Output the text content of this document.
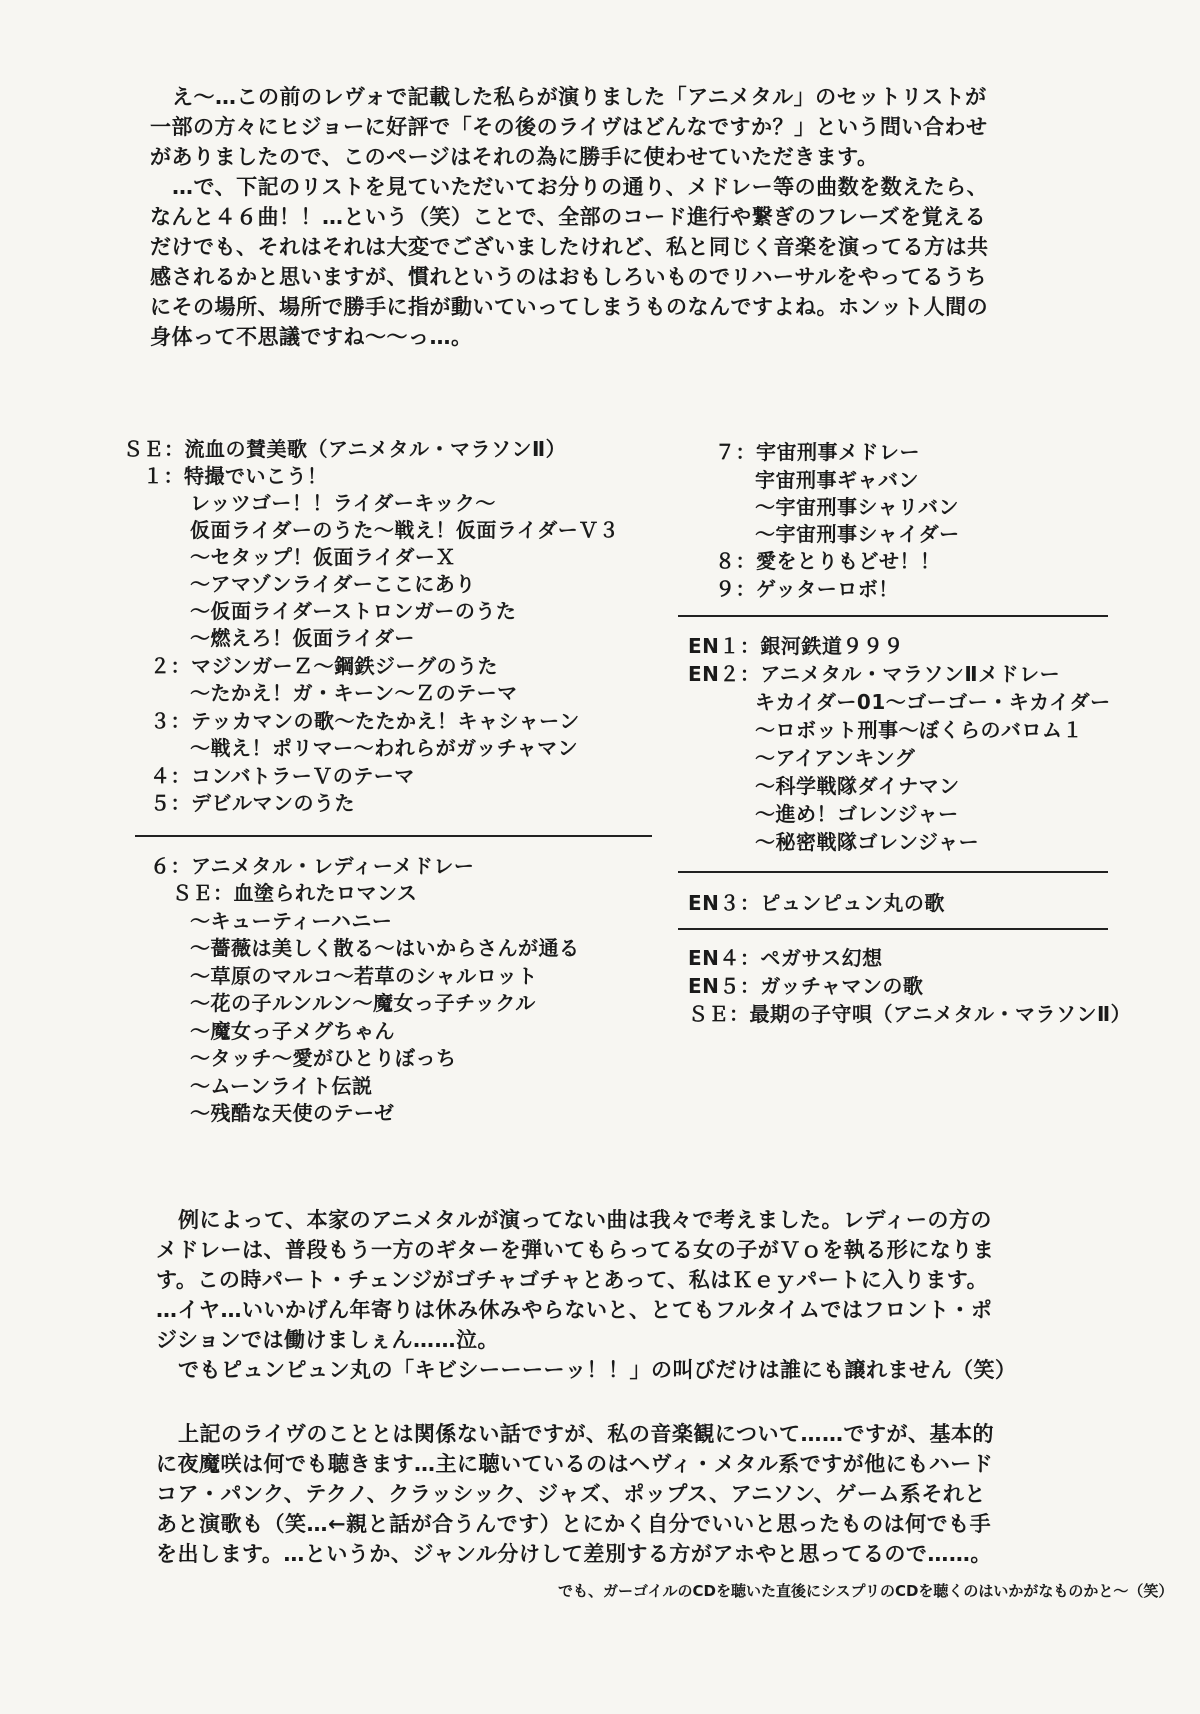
え～…この前のレヴォで記載した私らが演りました「アニメタル」のセットリストが
一部の方々にヒジョーに好評で「その後のライヴはどんなですか？」という問い合わせ
がありましたので、このページはそれの為に勝手に使わせていただきます。
…で、下記のリストを見ていただいてお分りの通り、メドレー等の曲数を数えたら、
なんと４６曲！！…という（笑）ことで、全部のコード進行や繋ぎのフレーズを覚える
だけでも、それはそれは大変でございましたけれど、私と同じく音楽を演ってる方は共
感されるかと思いますが、慣れというのはおもしろいものでリハーサルをやってるうち
にその場所、場所で勝手に指が動いていってしまうものなんですよね。ホンット人間の
身体って不思議ですね～～っ…。
ＳＥ：流血の賛美歌（アニメタル・マラソンⅡ）
１：特撮でいこう！
レッツゴー！！ライダーキック～
仮面ライダーのうた～戦え！仮面ライダーＶ３
～セタップ！仮面ライダーＸ
～アマゾンライダーここにあり
～仮面ライダーストロンガーのうた
～燃えろ！仮面ライダー
２：マジンガーＺ～鋼鉄ジーグのうた
～たかえ！ガ・キーン～Ｚのテーマ
３：テッカマンの歌～たたかえ！キャシャーン
～戦え！ポリマー～われらがガッチャマン
４：コンバトラーＶのテーマ
５：デビルマンのうた
６：アニメタル・レディーメドレー
ＳＥ：血塗られたロマンス
～キューティーハニー
～薔薇は美しく散る～はいからさんが通る
～草原のマルコ～若草のシャルロット
～花の子ルンルン～魔女っ子チックル
～魔女っ子メグちゃん
～タッチ～愛がひとりぼっち
～ムーンライト伝説
～残酷な天使のテーゼ
７：宇宙刑事メドレー
宇宙刑事ギャバン
～宇宙刑事シャリバン
～宇宙刑事シャイダー
８：愛をとりもどせ！！
９：ゲッターロボ！
EN１：銀河鉄道９９９
EN２：アニメタル・マラソンⅡメドレー
キカイダー01～ゴーゴー・キカイダー
～ロボット刑事～ぼくらのバロム１
～アイアンキング
～科学戦隊ダイナマン
～進め！ゴレンジャー
～秘密戦隊ゴレンジャー
EN３：ピュンピュン丸の歌
EN４：ペガサス幻想
EN５：ガッチャマンの歌
ＳＥ：最期の子守唄（アニメタル・マラソンⅡ）
例によって、本家のアニメタルが演ってない曲は我々で考えました。レディーの方の
メドレーは、普段もう一方のギターを弾いてもらってる女の子がＶｏを執る形になりま
す。この時パート・チェンジがゴチャゴチャとあって、私はＫｅｙパートに入ります。
…イヤ…いいかげん年寄りは休み休みやらないと、とてもフルタイムではフロント・ポ
ジションでは働けましぇん……泣。
でもピュンピュン丸の「キビシーーーーッ！！」の叫びだけは誰にも譲れません（笑）
上記のライヴのこととは関係ない話ですが、私の音楽観について……ですが、基本的
に夜魔咲は何でも聴きます…主に聴いているのはヘヴィ・メタル系ですが他にもハード
コア・パンク、テクノ、クラッシック、ジャズ、ポップス、アニソン、ゲーム系それと
あと演歌も（笑…←親と話が合うんです）とにかく自分でいいと思ったものは何でも手
を出します。…というか、ジャンル分けして差別する方がアホやと思ってるので……。
でも、ガーゴイルのCDを聴いた直後にシスプリのCDを聴くのはいかがなものかと～（笑）
